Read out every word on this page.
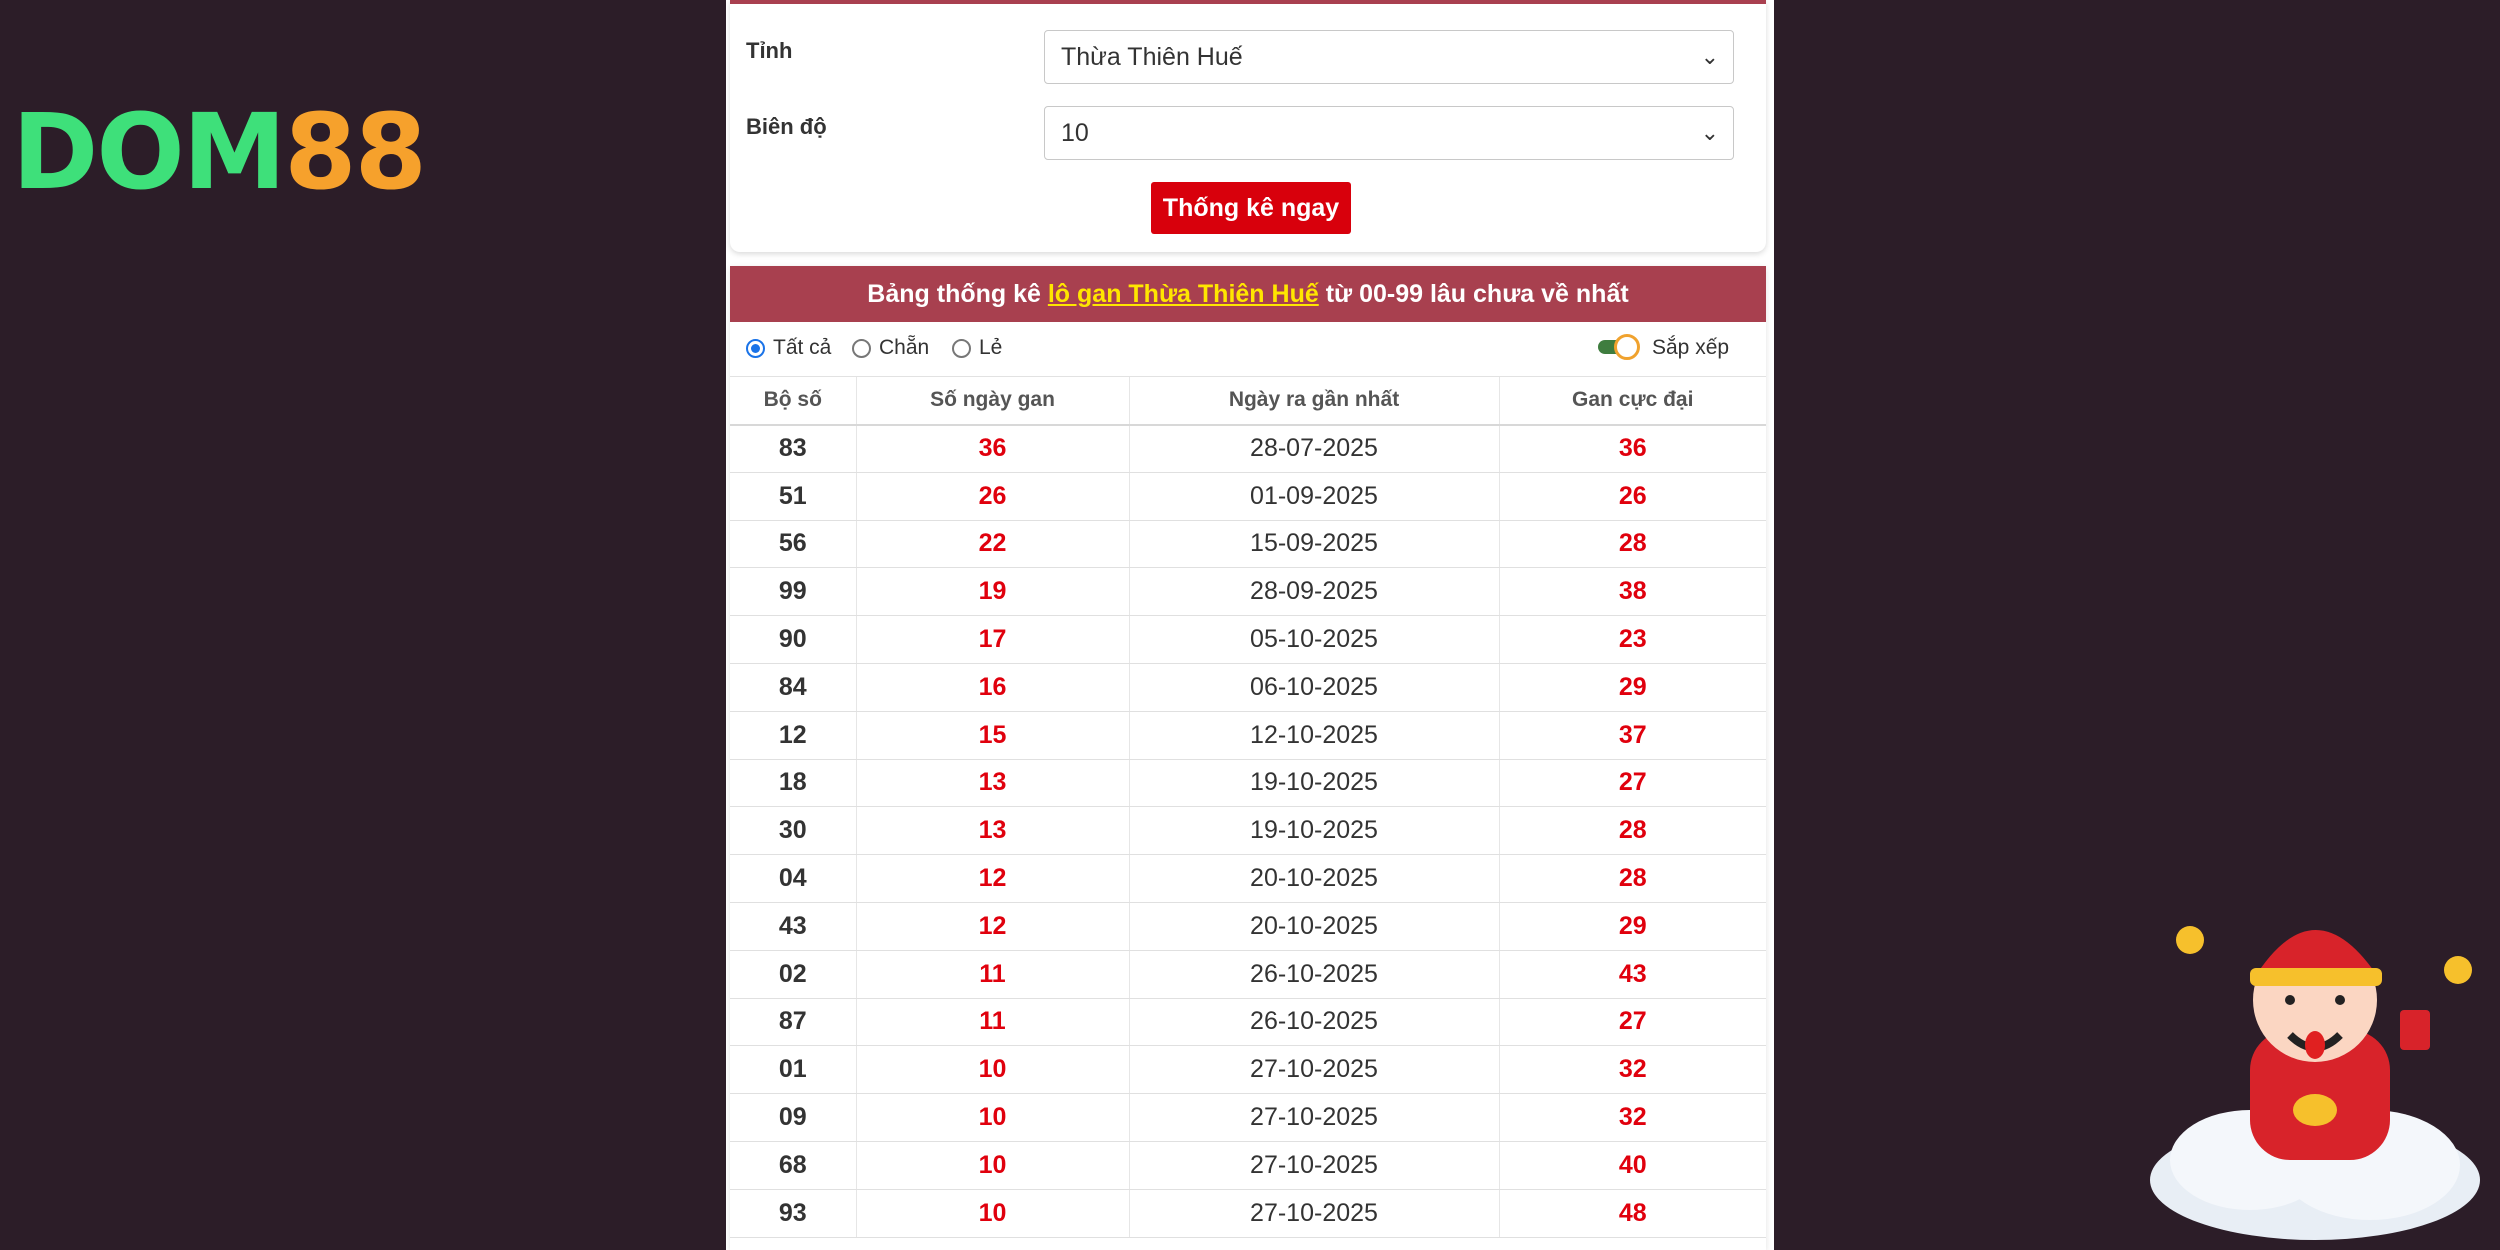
DOM88
Tỉnh	Thừa Thiên Huế	⌄
Biên độ	10	⌄
Thống kê ngay
Bảng thống kê lô gan Thừa Thiên Huế từ 00-99 lâu chưa về nhất
Tất cả Chẵn Lẻ	Sắp xếp
Bộ số	Số ngày gan	Ngày ra gần nhất	Gan cực đại
83	36	28-07-2025	36
51	26	01-09-2025	26
56	22	15-09-2025	28
99	19	28-09-2025	38
90	17	05-10-2025	23
84	16	06-10-2025	29
12	15	12-10-2025	37
18	13	19-10-2025	27
30	13	19-10-2025	28
04	12	20-10-2025	28
43	12	20-10-2025	29
02	11	26-10-2025	43
87	11	26-10-2025	27
01	10	27-10-2025	32
09	10	27-10-2025	32
68	10	27-10-2025	40
93	10	27-10-2025	48
